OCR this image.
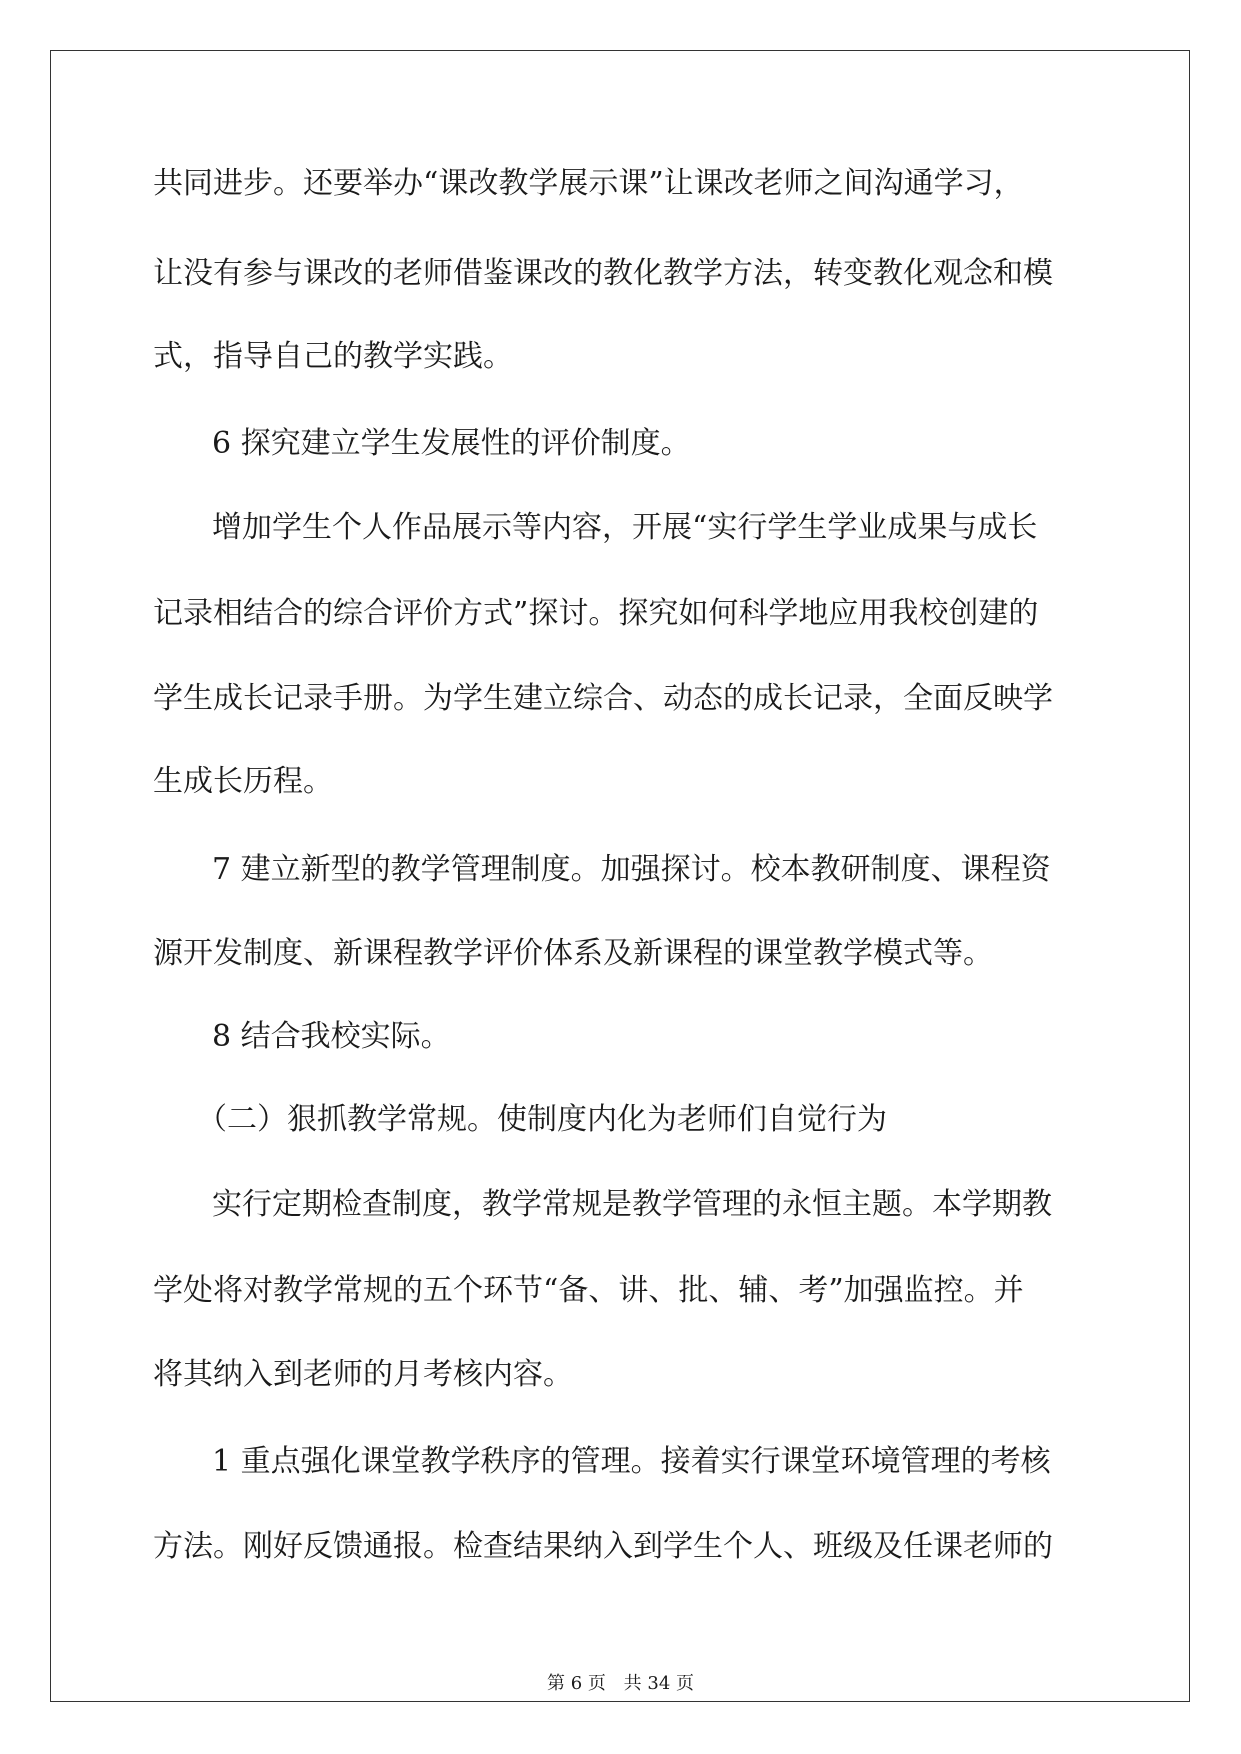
共同进步。还要举办“课改教学展示课”让课改老师之间沟通学习，
让没有参与课改的老师借鉴课改的教化教学方法，转变教化观念和模
式，指导自己的教学实践。
6 探究建立学生发展性的评价制度。
增加学生个人作品展示等内容，开展“实行学生学业成果与成长
记录相结合的综合评价方式”探讨。探究如何科学地应用我校创建的
学生成长记录手册。为学生建立综合、动态的成长记录，全面反映学
生成长历程。
7 建立新型的教学管理制度。加强探讨。校本教研制度、课程资
源开发制度、新课程教学评价体系及新课程的课堂教学模式等。
8 结合我校实际。
（二）狠抓教学常规。使制度内化为老师们自觉行为
实行定期检查制度，教学常规是教学管理的永恒主题。本学期教
学处将对教学常规的五个环节“备、讲、批、辅、考”加强监控。并
将其纳入到老师的月考核内容。
1 重点强化课堂教学秩序的管理。接着实行课堂环境管理的考核
方法。刚好反馈通报。检查结果纳入到学生个人、班级及任课老师的
第 6 页 共 34 页
